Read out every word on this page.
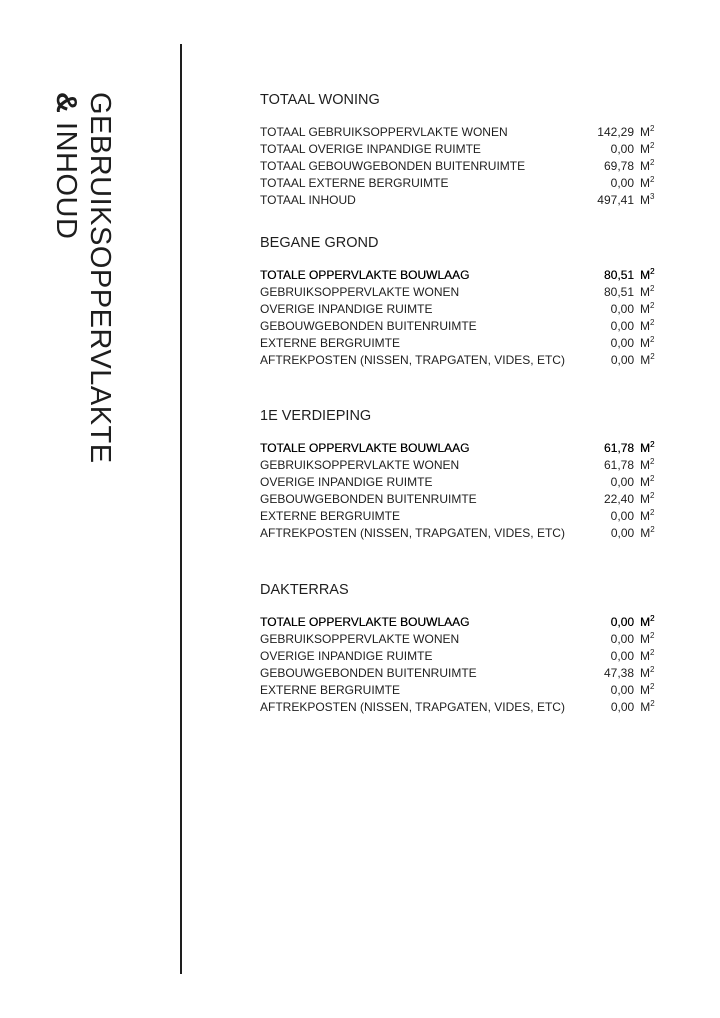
GEBRUIKSOPPERVLAKTE
& INHOUD
TOTAAL WONING
TOTAAL GEBRUIKSOPPERVLAKTE WONEN	142,29 $M^2$
TOTAAL OVERIGE INPANDIGE RUIMTE	0,00 $M^2$
TOTAAL GEBOUWGEBONDEN BUITENRUIMTE	69,78 $M^2$
TOTAAL EXTERNE BERGRUIMTE	0,00 $M^2$
TOTAAL INHOUD	497,41 $M^3$
BEGANE GROND
TOTALE OPPERVLAKTE BOUWLAAG	80,51 $M^2$
GEBRUIKSOPPERVLAKTE WONEN	80,51 $M^2$
OVERIGE INPANDIGE RUIMTE	0,00 $M^2$
GEBOUWGEBONDEN BUITENRUIMTE	0,00 $M^2$
EXTERNE BERGRUIMTE	0,00 $M^2$
AFTREKPOSTEN (NISSEN, TRAPGATEN, VIDES, ETC)	0,00 $M^2$
1E VERDIEPING
TOTALE OPPERVLAKTE BOUWLAAG	61,78 $M^2$
GEBRUIKSOPPERVLAKTE WONEN	61,78 $M^2$
OVERIGE INPANDIGE RUIMTE	0,00 $M^2$
GEBOUWGEBONDEN BUITENRUIMTE	22,40 $M^2$
EXTERNE BERGRUIMTE	0,00 $M^2$
AFTREKPOSTEN (NISSEN, TRAPGATEN, VIDES, ETC)	0,00 $M^2$
DAKTERRAS
TOTALE OPPERVLAKTE BOUWLAAG	0,00 $M^2$
GEBRUIKSOPPERVLAKTE WONEN	0,00 $M^2$
OVERIGE INPANDIGE RUIMTE	0,00 $M^2$
GEBOUWGEBONDEN BUITENRUIMTE	47,38 $M^2$
EXTERNE BERGRUIMTE	0,00 $M^2$
AFTREKPOSTEN (NISSEN, TRAPGATEN, VIDES, ETC)	0,00 $M^2$
